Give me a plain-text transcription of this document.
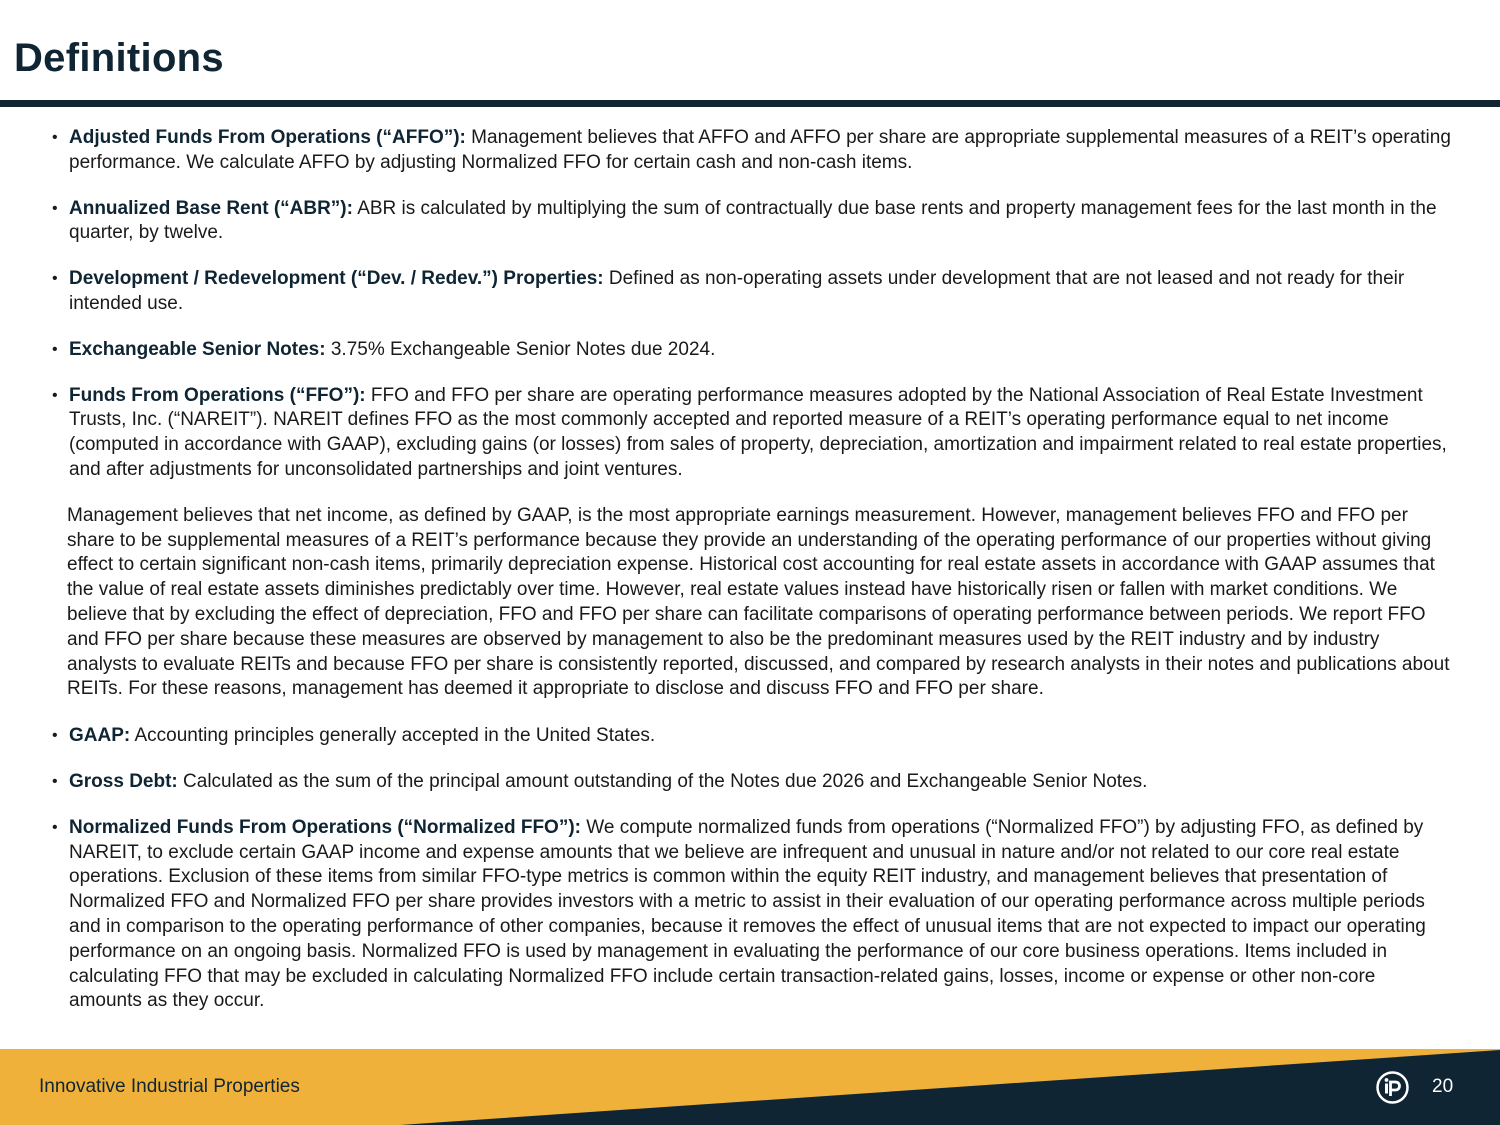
Definitions
• Adjusted Funds From Operations (“AFFO”): Management believes that AFFO and AFFO per share are appropriate supplemental measures of a REIT’s operating performance. We calculate AFFO by adjusting Normalized FFO for certain cash and non-cash items.
• Annualized Base Rent (“ABR”): ABR is calculated by multiplying the sum of contractually due base rents and property management fees for the last month in the quarter, by twelve.
• Development / Redevelopment (“Dev. / Redev.”) Properties: Defined as non-operating assets under development that are not leased and not ready for their intended use.
• Exchangeable Senior Notes: 3.75% Exchangeable Senior Notes due 2024.
• Funds From Operations (“FFO”): FFO and FFO per share are operating performance measures adopted by the National Association of Real Estate Investment Trusts, Inc. (“NAREIT”). NAREIT defines FFO as the most commonly accepted and reported measure of a REIT’s operating performance equal to net income (computed in accordance with GAAP), excluding gains (or losses) from sales of property, depreciation, amortization and impairment related to real estate properties, and after adjustments for unconsolidated partnerships and joint ventures.
Management believes that net income, as defined by GAAP, is the most appropriate earnings measurement. However, management believes FFO and FFO per share to be supplemental measures of a REIT’s performance because they provide an understanding of the operating performance of our properties without giving effect to certain significant non-cash items, primarily depreciation expense. Historical cost accounting for real estate assets in accordance with GAAP assumes that the value of real estate assets diminishes predictably over time. However, real estate values instead have historically risen or fallen with market conditions. We believe that by excluding the effect of depreciation, FFO and FFO per share can facilitate comparisons of operating performance between periods. We report FFO and FFO per share because these measures are observed by management to also be the predominant measures used by the REIT industry and by industry analysts to evaluate REITs and because FFO per share is consistently reported, discussed, and compared by research analysts in their notes and publications about REITs. For these reasons, management has deemed it appropriate to disclose and discuss FFO and FFO per share.
• GAAP: Accounting principles generally accepted in the United States.
• Gross Debt: Calculated as the sum of the principal amount outstanding of the Notes due 2026 and Exchangeable Senior Notes.
• Normalized Funds From Operations (“Normalized FFO”): We compute normalized funds from operations (“Normalized FFO”) by adjusting FFO, as defined by NAREIT, to exclude certain GAAP income and expense amounts that we believe are infrequent and unusual in nature and/or not related to our core real estate operations. Exclusion of these items from similar FFO-type metrics is common within the equity REIT industry, and management believes that presentation of Normalized FFO and Normalized FFO per share provides investors with a metric to assist in their evaluation of our operating performance across multiple periods and in comparison to the operating performance of other companies, because it removes the effect of unusual items that are not expected to impact our operating performance on an ongoing basis. Normalized FFO is used by management in evaluating the performance of our core business operations. Items included in calculating FFO that may be excluded in calculating Normalized FFO include certain transaction-related gains, losses, income or expense or other non-core amounts as they occur.
Innovative Industrial Properties	20
